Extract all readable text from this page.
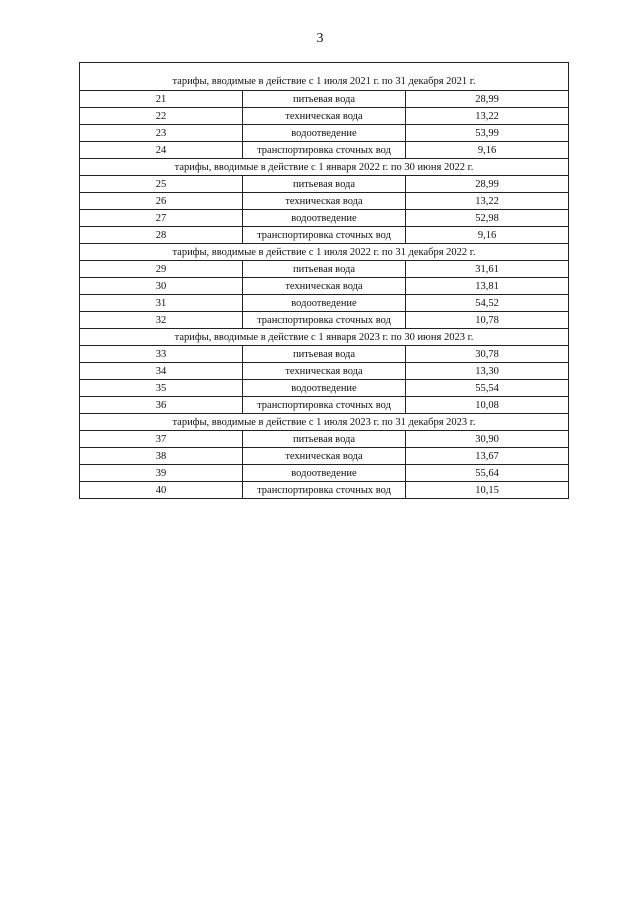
3
тарифы, вводимые в действие с 1 июля 2021 г. по 31 декабря 2021 г.		
21	питьевая вода	28,99
22	техническая вода	13,22
23	водоотведение	53,99
24	транспортировка сточных вод	9,16
тарифы, вводимые в действие с 1 января 2022 г. по 30 июня 2022 г.		
25	питьевая вода	28,99
26	техническая вода	13,22
27	водоотведение	52,98
28	транспортировка сточных вод	9,16
тарифы, вводимые в действие с 1 июля 2022 г. по 31 декабря 2022 г.		
29	питьевая вода	31,61
30	техническая вода	13,81
31	водоотведение	54,52
32	транспортировка сточных вод	10,78
тарифы, вводимые в действие с 1 января 2023 г. по 30 июня 2023 г.		
33	питьевая вода	30,78
34	техническая вода	13,30
35	водоотведение	55,54
36	транспортировка сточных вод	10,08
тарифы, вводимые в действие с 1 июля 2023 г. по 31 декабря 2023 г.		
37	питьевая вода	30,90
38	техническая вода	13,67
39	водоотведение	55,64
40	транспортировка сточных вод	10,15
